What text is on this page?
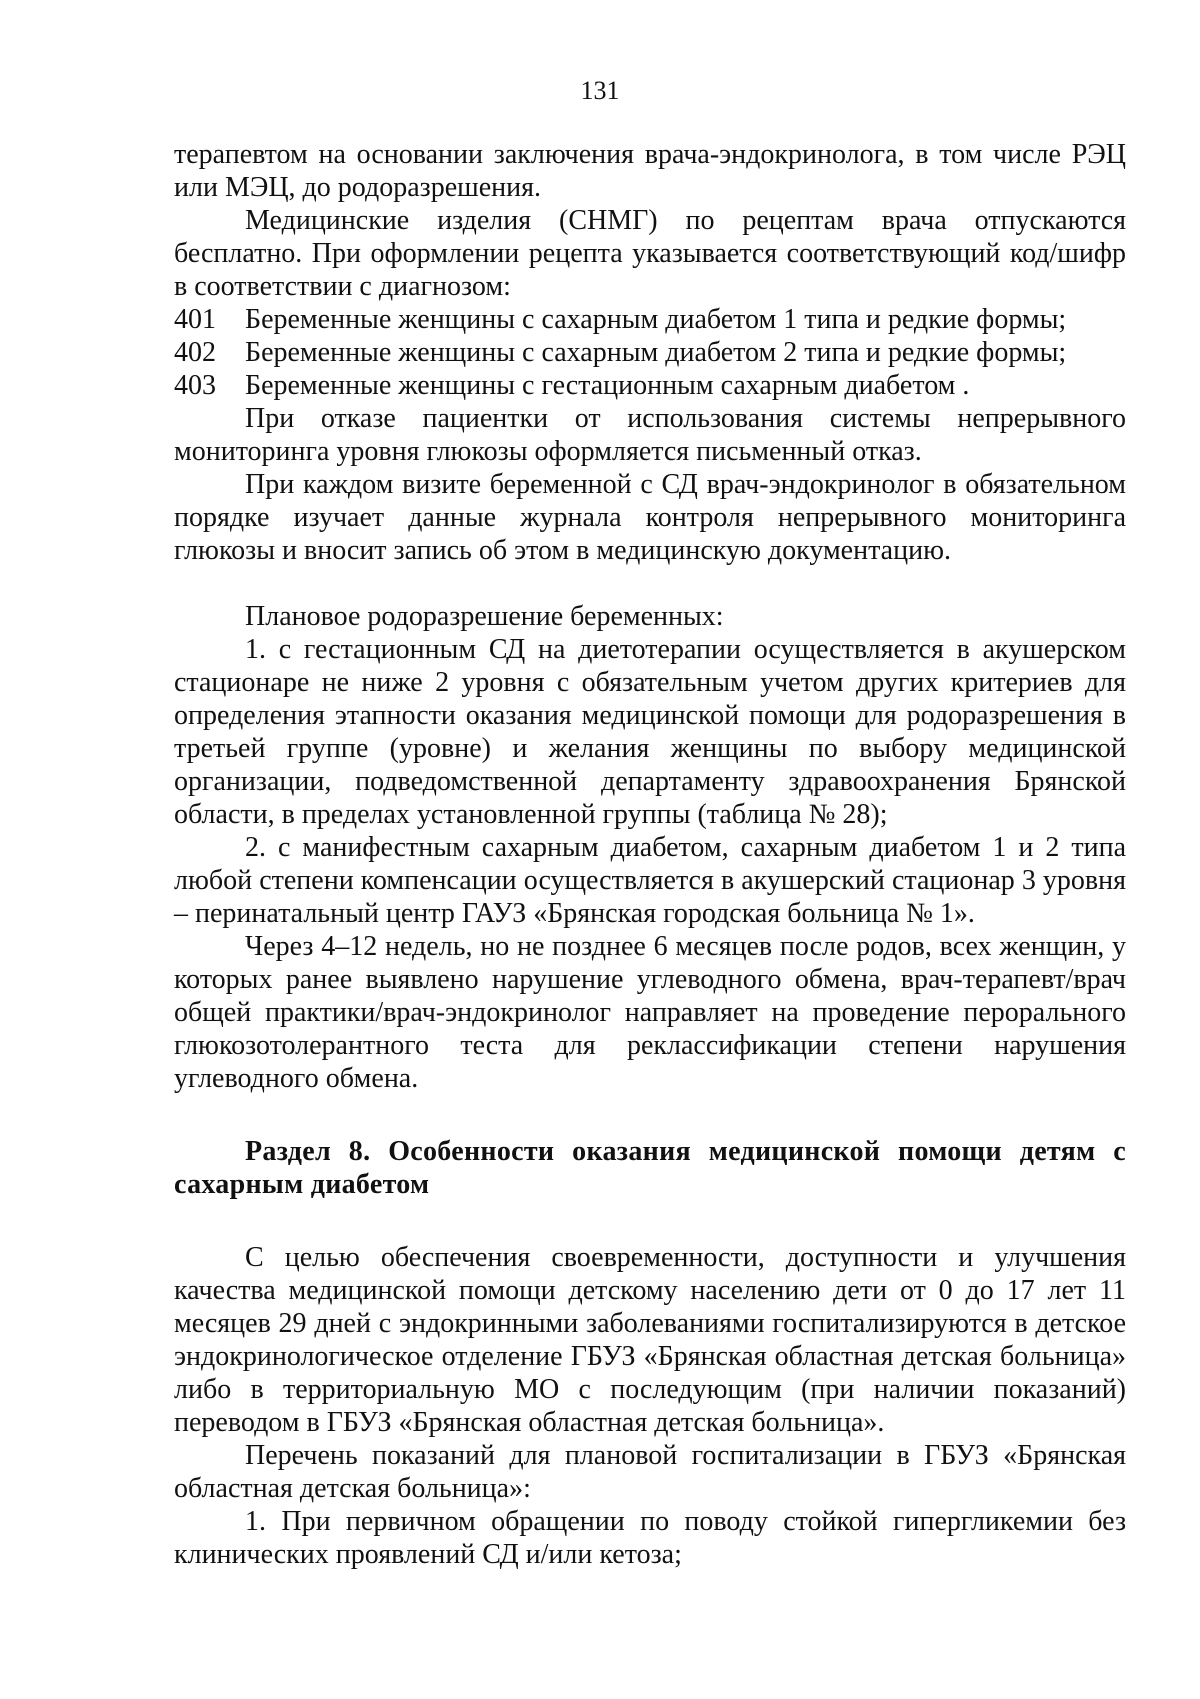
131

терапевтом на основании заключения врача-эндокринолога, в том числе РЭЦ или МЭЦ, до родоразрешения.

Медицинские изделия (СНМГ) по рецептам врача отпускаются бесплатно. При оформлении рецепта указывается соответствующий код/шифр в соответствии с диагнозом:

401	Беременные женщины с сахарным диабетом 1 типа и редкие формы;
402	Беременные женщины с сахарным диабетом 2 типа и редкие формы;
403	Беременные женщины с гестационным сахарным диабетом .

При отказе пациентки от использования системы непрерывного мониторинга уровня глюкозы оформляется письменный отказ.

При каждом визите беременной с СД врач-эндокринолог в обязательном порядке изучает данные журнала контроля непрерывного мониторинга глюкозы и вносит запись об этом в медицинскую документацию.

Плановое родоразрешение беременных:

1. с гестационным СД на диетотерапии осуществляется в акушерском стационаре не ниже 2 уровня с обязательным учетом других критериев для определения этапности оказания медицинской помощи для родоразрешения в третьей группе (уровне) и желания женщины по выбору медицинской организации, подведомственной департаменту здравоохранения Брянской области, в пределах установленной группы (таблица № 28);

2. с манифестным сахарным диабетом, сахарным диабетом 1 и 2 типа любой степени компенсации осуществляется в акушерский стационар 3 уровня – перинатальный центр ГАУЗ «Брянская городская больница № 1».

Через 4–12 недель, но не позднее 6 месяцев после родов, всех женщин, у которых ранее выявлено нарушение углеводного обмена, врач-терапевт/врач общей практики/врач-эндокринолог направляет на проведение перорального глюкозотолерантного теста для реклассификации степени нарушения углеводного обмена.

Раздел 8. Особенности оказания медицинской помощи детям с сахарным диабетом

С целью обеспечения своевременности, доступности и улучшения качества медицинской помощи детскому населению дети от 0 до 17 лет 11 месяцев 29 дней с эндокринными заболеваниями госпитализируются в детское эндокринологическое отделение ГБУЗ «Брянская областная детская больница» либо в территориальную МО с последующим (при наличии показаний) переводом в ГБУЗ «Брянская областная детская больница».

Перечень показаний для плановой госпитализации в ГБУЗ «Брянская областная детская больница»:

1. При первичном обращении по поводу стойкой гипергликемии без клинических проявлений СД и/или кетоза;
